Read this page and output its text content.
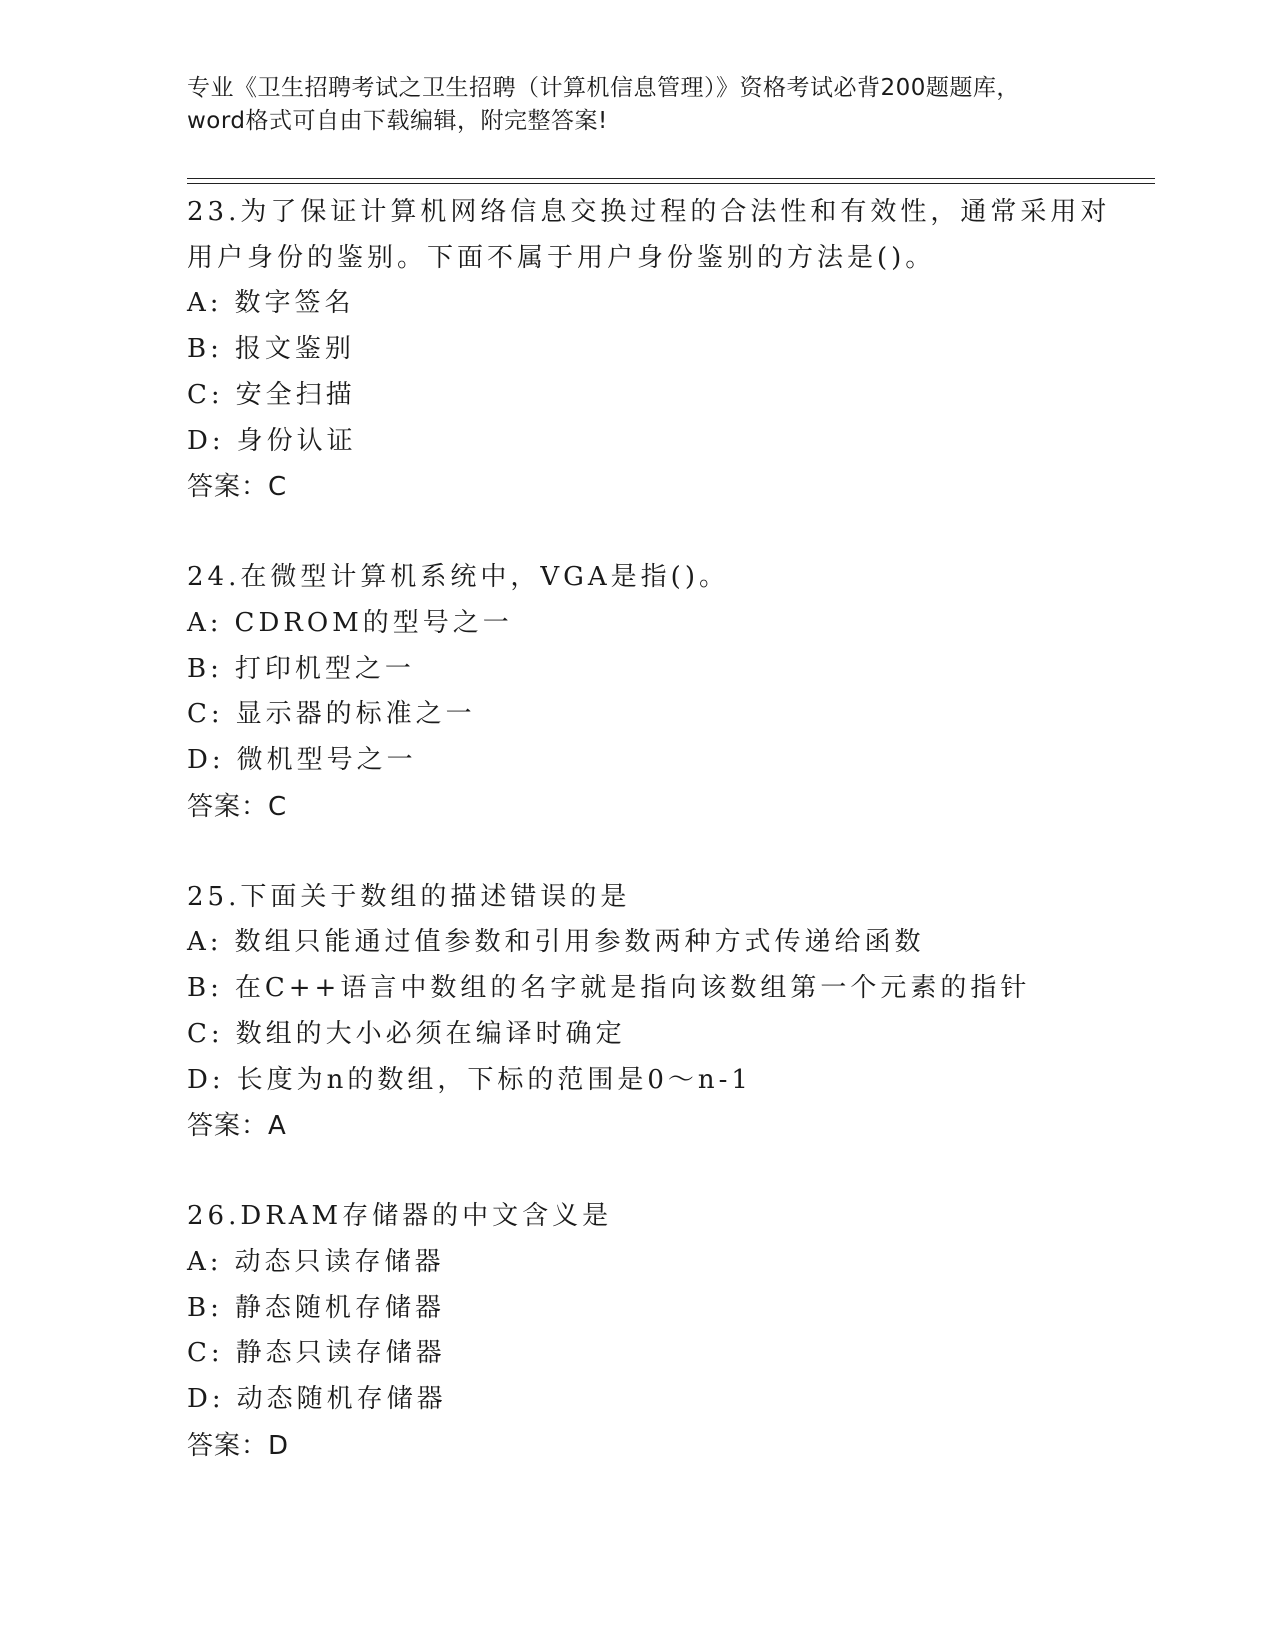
专业《卫生招聘考试之卫生招聘（计算机信息管理）》资格考试必背200题题库，
word格式可自由下载编辑，附完整答案!
23.为了保证计算机网络信息交换过程的合法性和有效性，通常采用对
用户身份的鉴别。下面不属于用户身份鉴别的方法是()。
A: 数字签名
B: 报文鉴别
C: 安全扫描
D: 身份认证
答案：C
24.在微型计算机系统中，VGA是指()。
A: CDROM的型号之一
B: 打印机型之一
C: 显示器的标准之一
D: 微机型号之一
答案：C
25.下面关于数组的描述错误的是
A: 数组只能通过值参数和引用参数两种方式传递给函数
B: 在C++语言中数组的名字就是指向该数组第一个元素的指针
C: 数组的大小必须在编译时确定
D: 长度为n的数组，下标的范围是0～n-1
答案：A
26.DRAM存储器的中文含义是
A: 动态只读存储器
B: 静态随机存储器
C: 静态只读存储器
D: 动态随机存储器
答案：D
